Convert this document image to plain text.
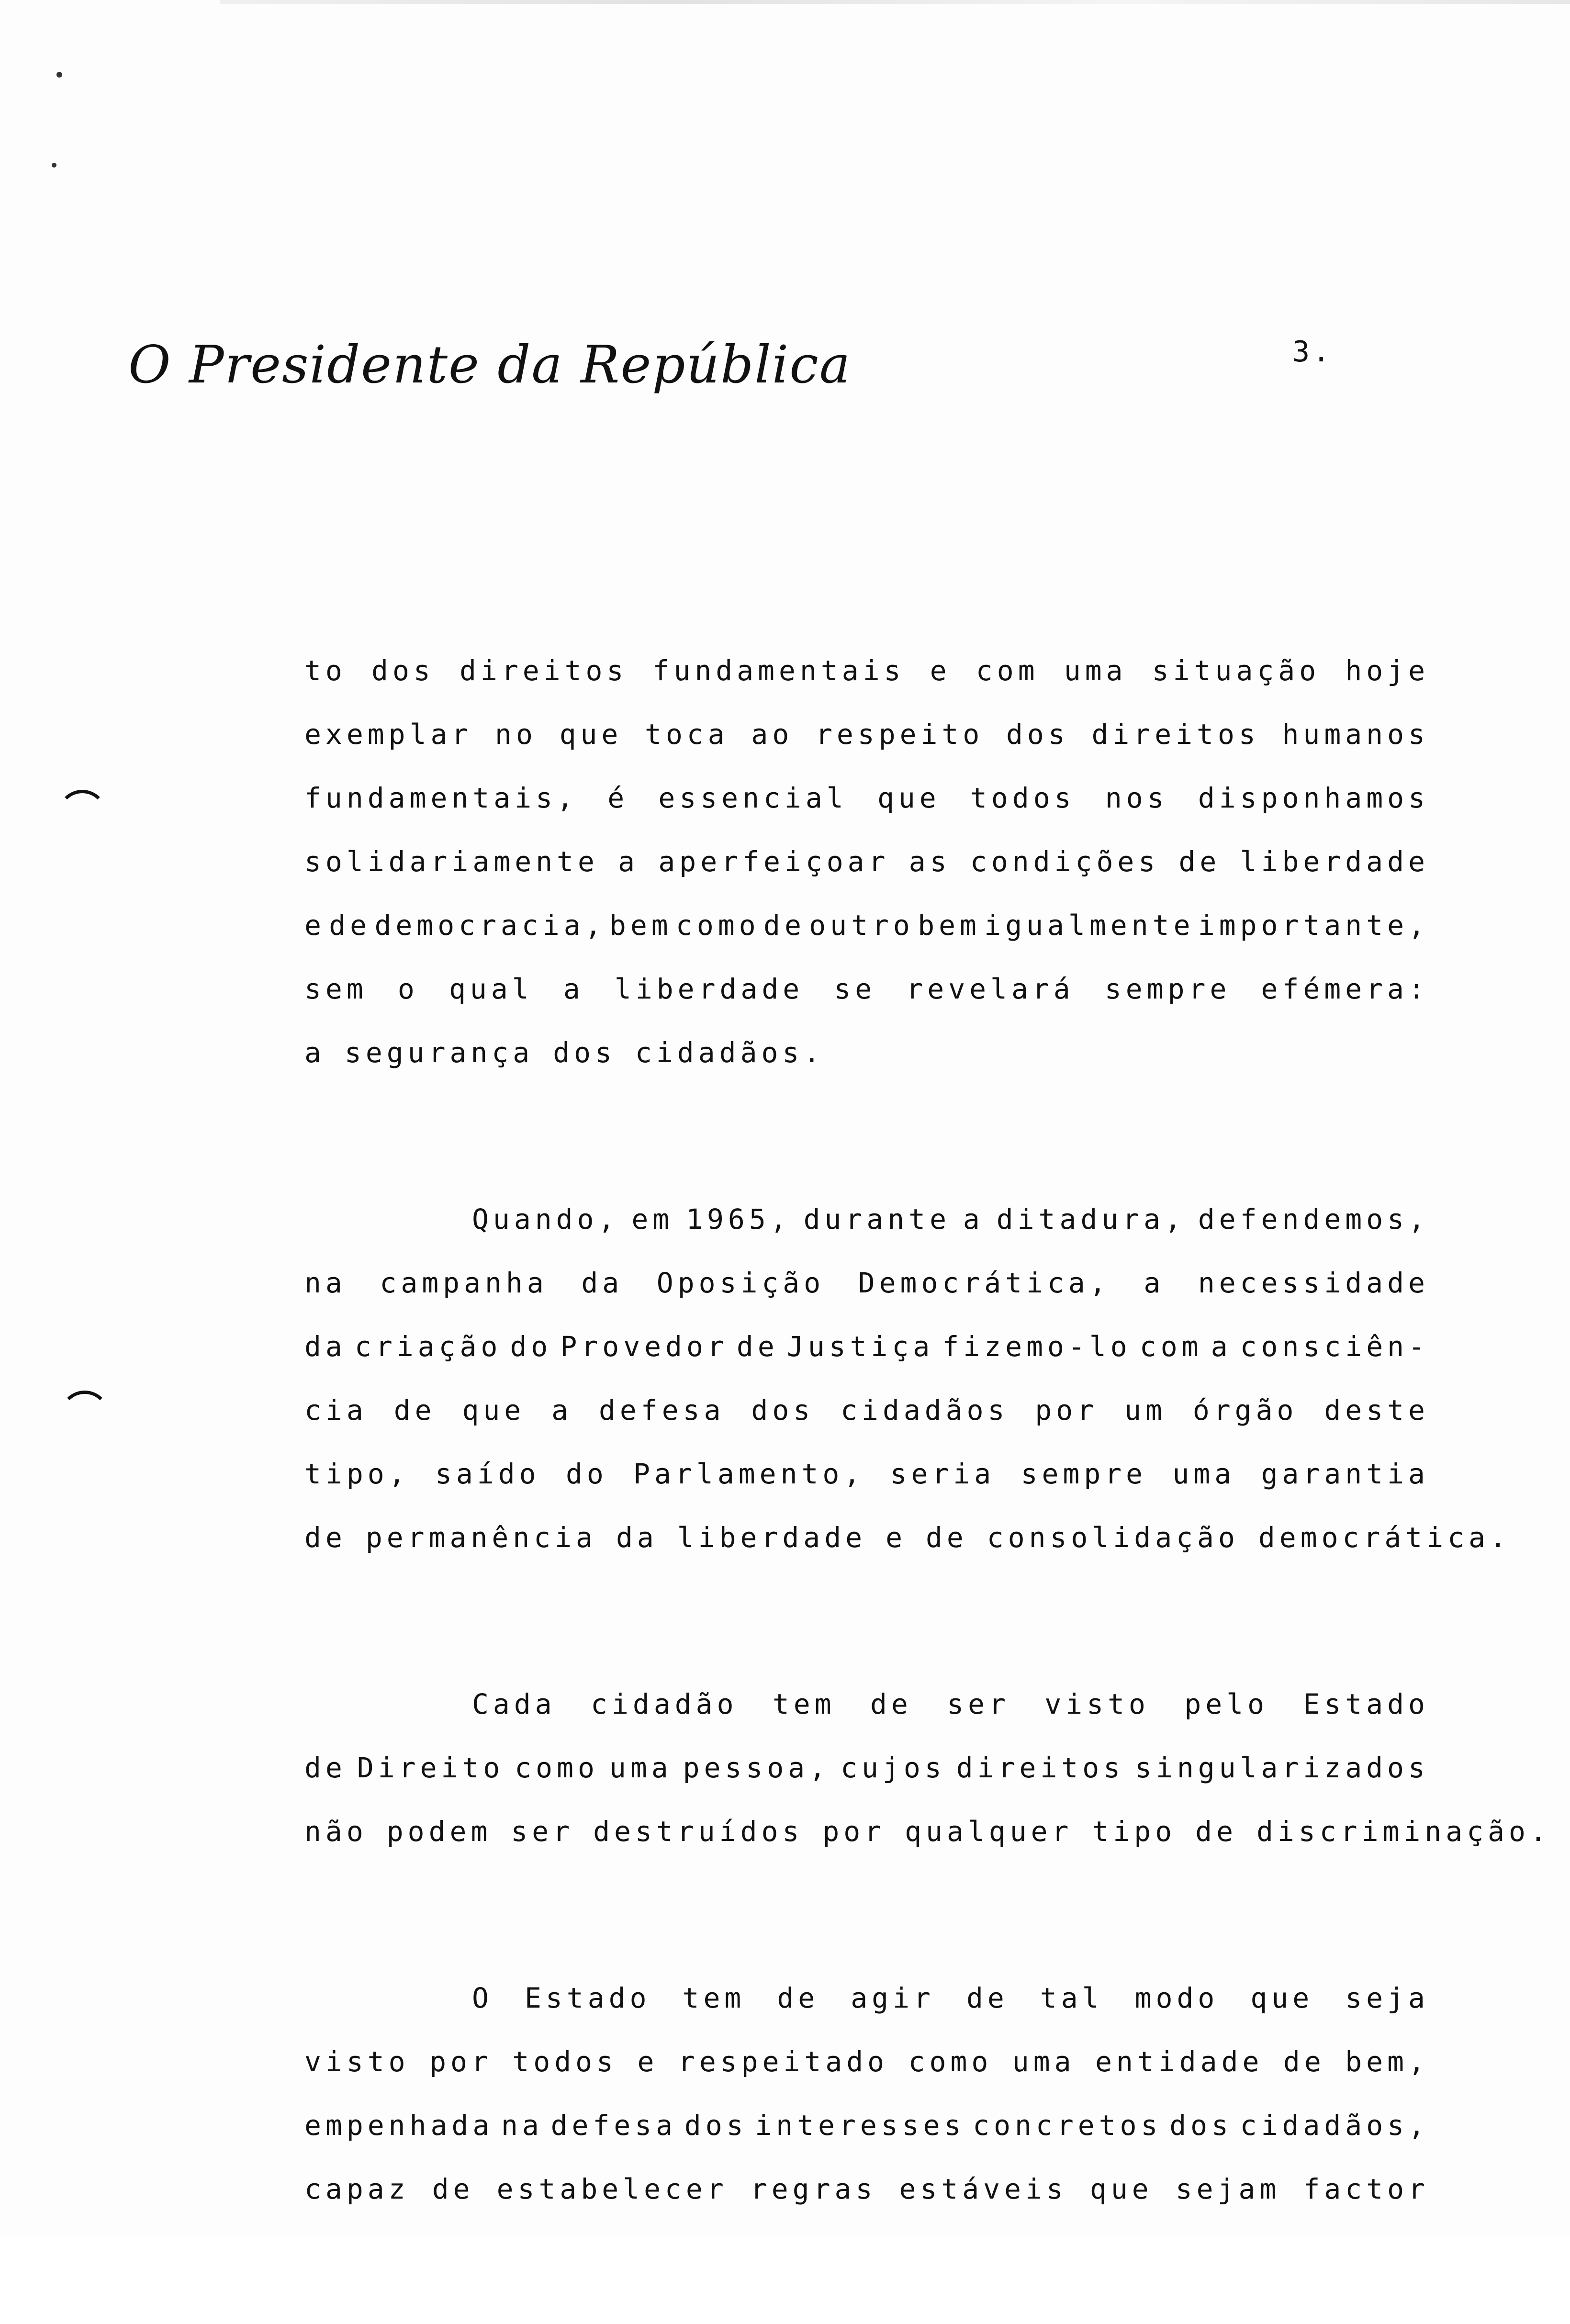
O Presidente da República	3.
to dos direitos fundamentais e com uma situação hoje
exemplar no que toca ao respeito dos direitos humanos
fundamentais, é essencial que todos nos disponhamos
solidariamente a aperfeiçoar as condições de liberdade
e de democracia, bem como de outro bem igualmente importante,
sem o qual a liberdade se revelará sempre efémera:
a segurança dos cidadãos.
Quando, em 1965, durante a ditadura, defendemos,
na campanha da Oposição Democrática, a necessidade
da criação do Provedor de Justiça fizemo-lo com a consciên-
cia de que a defesa dos cidadãos por um órgão deste
tipo, saído do Parlamento, seria sempre uma garantia
de permanência da liberdade e de consolidação democrática.
Cada cidadão tem de ser visto pelo Estado
de Direito como uma pessoa, cujos direitos singularizados
não podem ser destruídos por qualquer tipo de discriminação.
O Estado tem de agir de tal modo que seja
visto por todos e respeitado como uma entidade de bem,
empenhada na defesa dos interesses concretos dos cidadãos,
capaz de estabelecer regras estáveis que sejam factor
